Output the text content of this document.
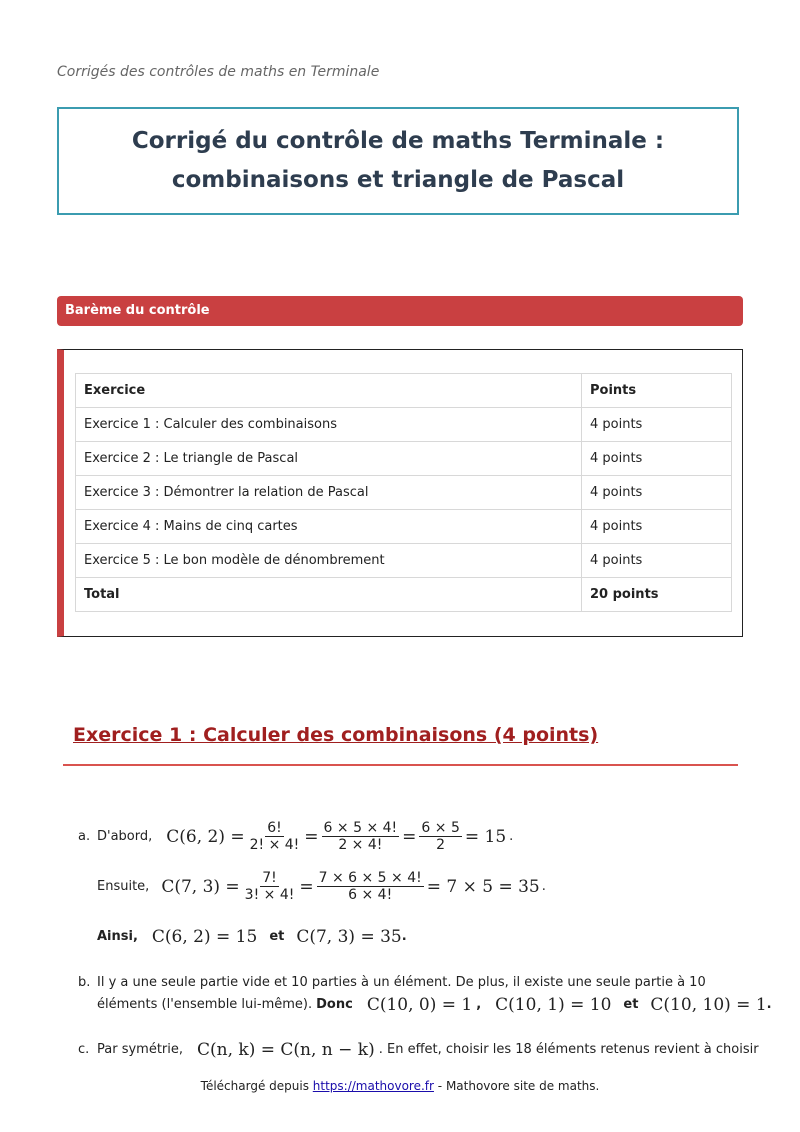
Corrigés des contrôles de maths en Terminale
Corrigé du contrôle de maths Terminale :
combinaisons et triangle de Pascal
Barème du contrôle
Exercice	Points
Exercice 1 : Calculer des combinaisons	4 points
Exercice 2 : Le triangle de Pascal	4 points
Exercice 3 : Démontrer la relation de Pascal	4 points
Exercice 4 : Mains de cinq cartes	4 points
Exercice 5 : Le bon modèle de dénombrement	4 points
Total	20 points
Exercice 1 : Calculer des combinaisons (4 points)
a. D'abord, C(6, $2) = \frac{6!}{2! \times 4!} = \frac{6 \times 5 \times 4!}{2 \times 4!} = \frac{6 \times 5}{2} = 15$ .
Ensuite, C(7, $3) = \frac{7!}{3! \times 4!} = \frac{7 \times 6 \times 5 \times 4!}{6 \times 4!} = 7 \times 5 = 35$ .
Ainsi, C(6, 2) = 15 et C(7, 3) = 35 .
b. Il y a une seule partie vide et 10 parties à un élément. De plus, il existe une seule partie à 10
éléments (l'ensemble lui-même). Donc C(10, 0) = 1 , C(10, 1) = 10 et C(10, 10) = 1 .
c. Par symétrie, C(n, k) = C(n, n − k) . En effet, choisir les 18 éléments retenus revient à choisir
Téléchargé depuis https://mathovore.fr - Mathovore site de maths.
